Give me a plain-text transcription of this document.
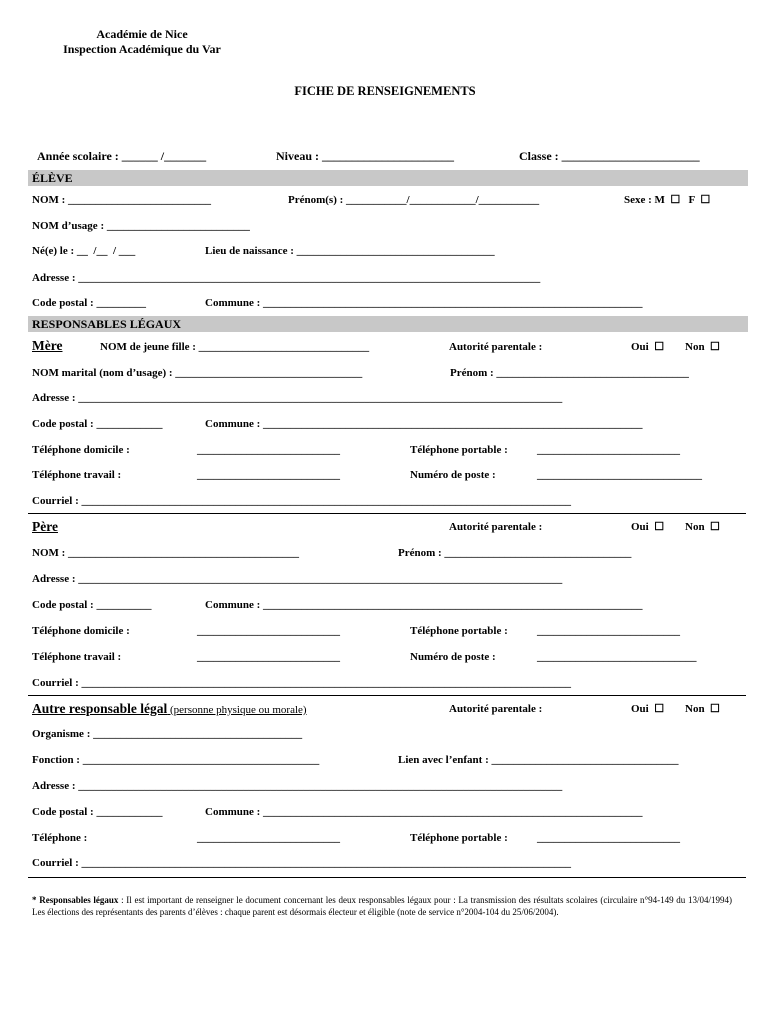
Académie de Nice
Inspection Académique du Var
FICHE DE RENSEIGNEMENTS
Année scolaire : ______ /_______	Niveau : ______________________	Classe : _______________________
ÉLÈVE
NOM : __________________________	Prénom(s) : ___________/____________/___________	Sexe : M  ☐   F  ☐
NOM d’usage : __________________________
Né(e) le : __  /__  / ___	Lieu de naissance : ____________________________________
Adresse : ____________________________________________________________________________________
Code postal : _________	Commune : _____________________________________________________________________
RESPONSABLES LÉGAUX
Mère	NOM de jeune fille : _______________________________	Autorité parentale :	Oui  ☐ Non  ☐
NOM marital (nom d’usage) : __________________________________	Prénom : ___________________________________
Adresse : ________________________________________________________________________________________
Code postal : ____________	Commune : _____________________________________________________________________
Téléphone domicile :	__________________________	Téléphone portable :	__________________________
Téléphone travail :	__________________________	Numéro de poste :	______________________________
Courriel : _________________________________________________________________________________________
Père	Autorité parentale :	Oui  ☐ Non  ☐
NOM : __________________________________________	Prénom : __________________________________
Adresse : ________________________________________________________________________________________
Code postal : __________	Commune : _____________________________________________________________________
Téléphone domicile :	__________________________	Téléphone portable :	__________________________
Téléphone travail :	__________________________	Numéro de poste :	_____________________________
Courriel : _________________________________________________________________________________________
Autre responsable légal (personne physique ou morale)	Autorité parentale :	Oui  ☐ Non  ☐
Organisme : ______________________________________
Fonction : ___________________________________________	Lien avec l’enfant : __________________________________
Adresse : ________________________________________________________________________________________
Code postal : ____________	Commune : _____________________________________________________________________
Téléphone :	__________________________	Téléphone portable :	__________________________
Courriel : _________________________________________________________________________________________
* Responsables légaux : Il est important de renseigner le document concernant les deux responsables légaux pour : La transmission des résultats scolaires (circulaire n°94-149 du 13/04/1994) Les élections des représentants des parents d’élèves : chaque parent est désormais électeur et éligible (note de service n°2004-104 du 25/06/2004).
